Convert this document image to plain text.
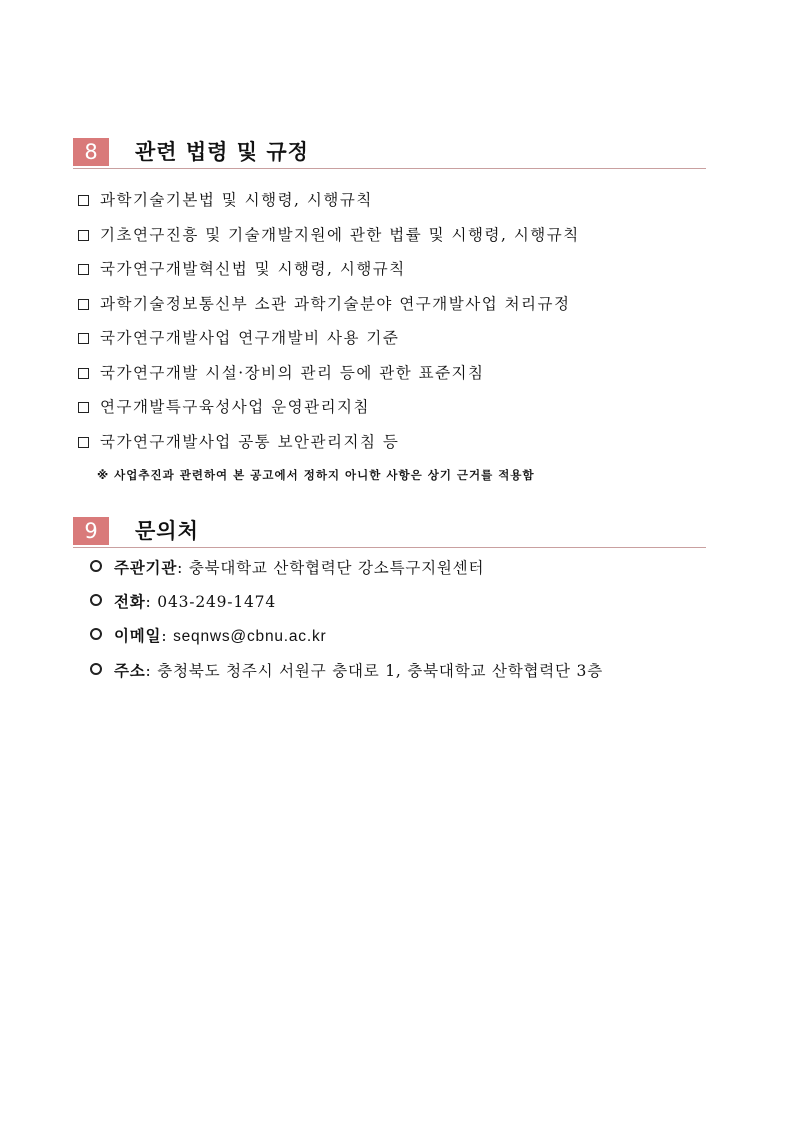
8	관련 법령 및 규정
과학기술기본법 및 시행령, 시행규칙
기초연구진흥 및 기술개발지원에 관한 법률 및 시행령, 시행규칙
국가연구개발혁신법 및 시행령, 시행규칙
과학기술정보통신부 소관 과학기술분야 연구개발사업 처리규정
국가연구개발사업 연구개발비 사용 기준
국가연구개발 시설·장비의 관리 등에 관한 표준지침
연구개발특구육성사업 운영관리지침
국가연구개발사업 공통 보안관리지침 등
※ 사업추진과 관련하여 본 공고에서 정하지 아니한 사항은 상기 근거를 적용함
9	문의처
주관기관: 충북대학교 산학협력단 강소특구지원센터
전화: 043-249-1474
이메일: seqnws@cbnu.ac.kr
주소: 충청북도 청주시 서원구 충대로 1, 충북대학교 산학협력단 3층
